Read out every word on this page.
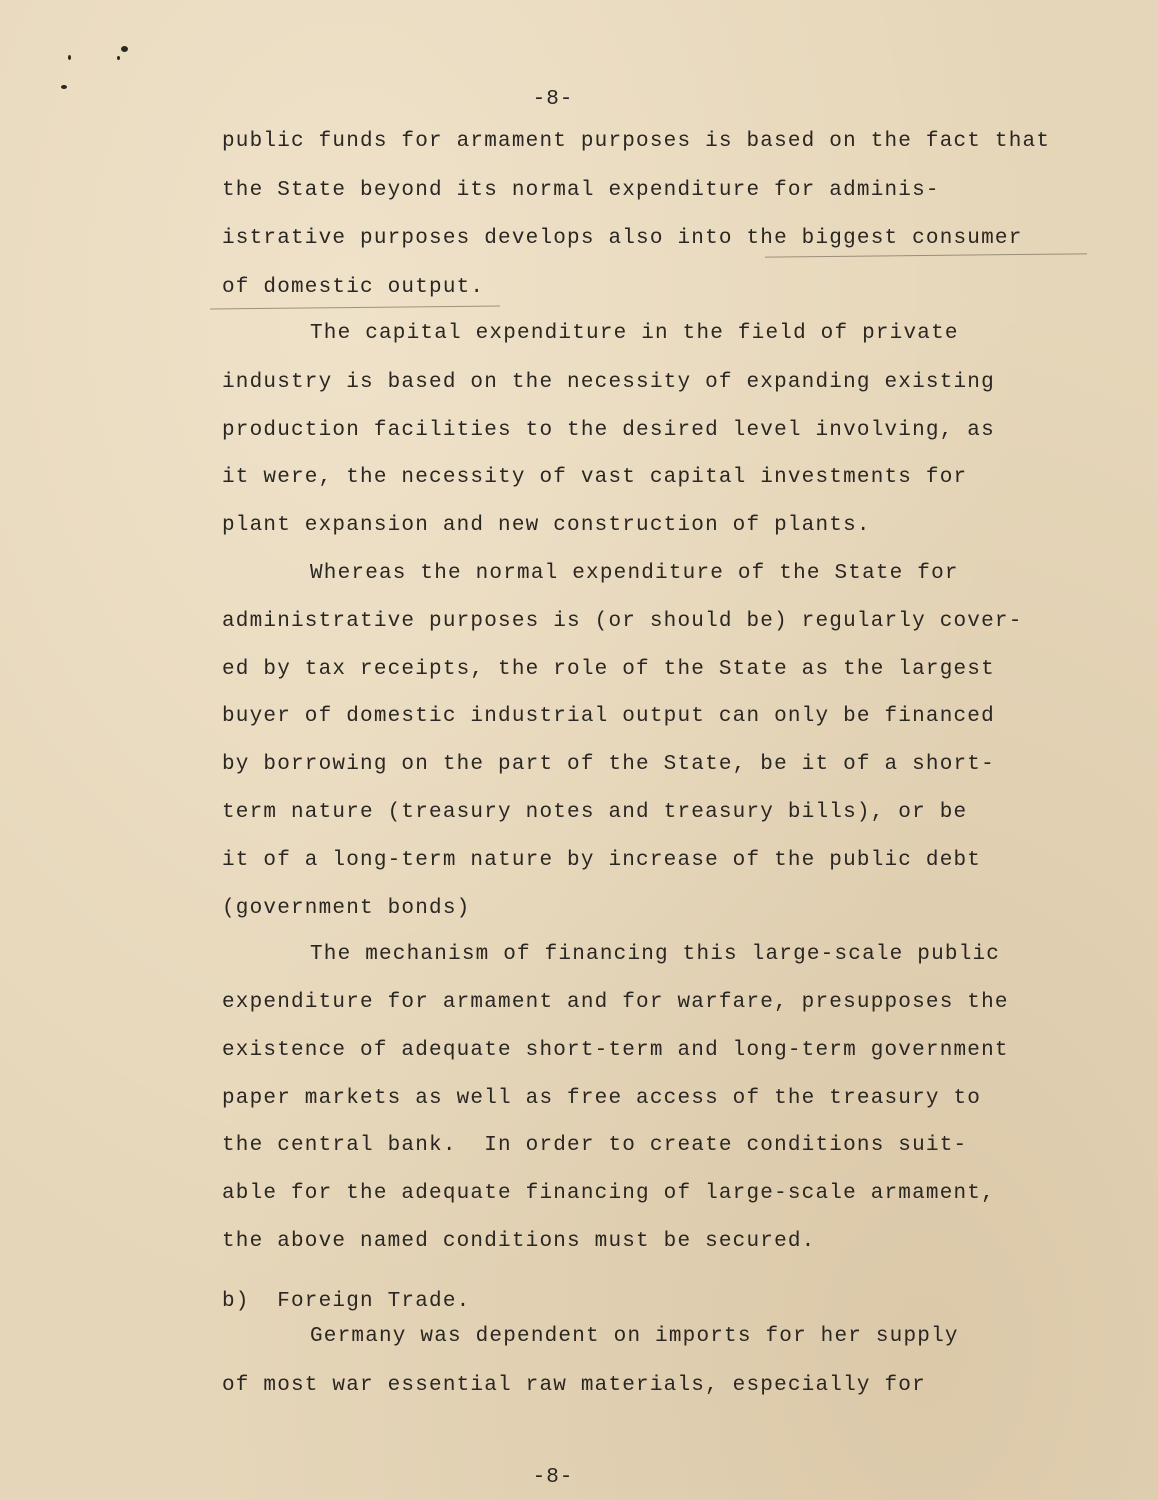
-8-
public funds for armament purposes is based on the fact that
the State beyond its normal expenditure for adminis-
istrative purposes develops also into the biggest consumer
of domestic output.
The capital expenditure in the field of private
industry is based on the necessity of expanding existing
production facilities to the desired level involving, as
it were, the necessity of vast capital investments for
plant expansion and new construction of plants.
Whereas the normal expenditure of the State for
administrative purposes is (or should be) regularly cover-
ed by tax receipts, the role of the State as the largest
buyer of domestic industrial output can only be financed
by borrowing on the part of the State, be it of a short-
term nature (treasury notes and treasury bills), or be
it of a long-term nature by increase of the public debt
(government bonds)
The mechanism of financing this large-scale public
expenditure for armament and for warfare, presupposes the
existence of adequate short-term and long-term government
paper markets as well as free access of the treasury to
the central bank.  In order to create conditions suit-
able for the adequate financing of large-scale armament,
the above named conditions must be secured.
b)  Foreign Trade.
Germany was dependent on imports for her supply
of most war essential raw materials, especially for
-8-
